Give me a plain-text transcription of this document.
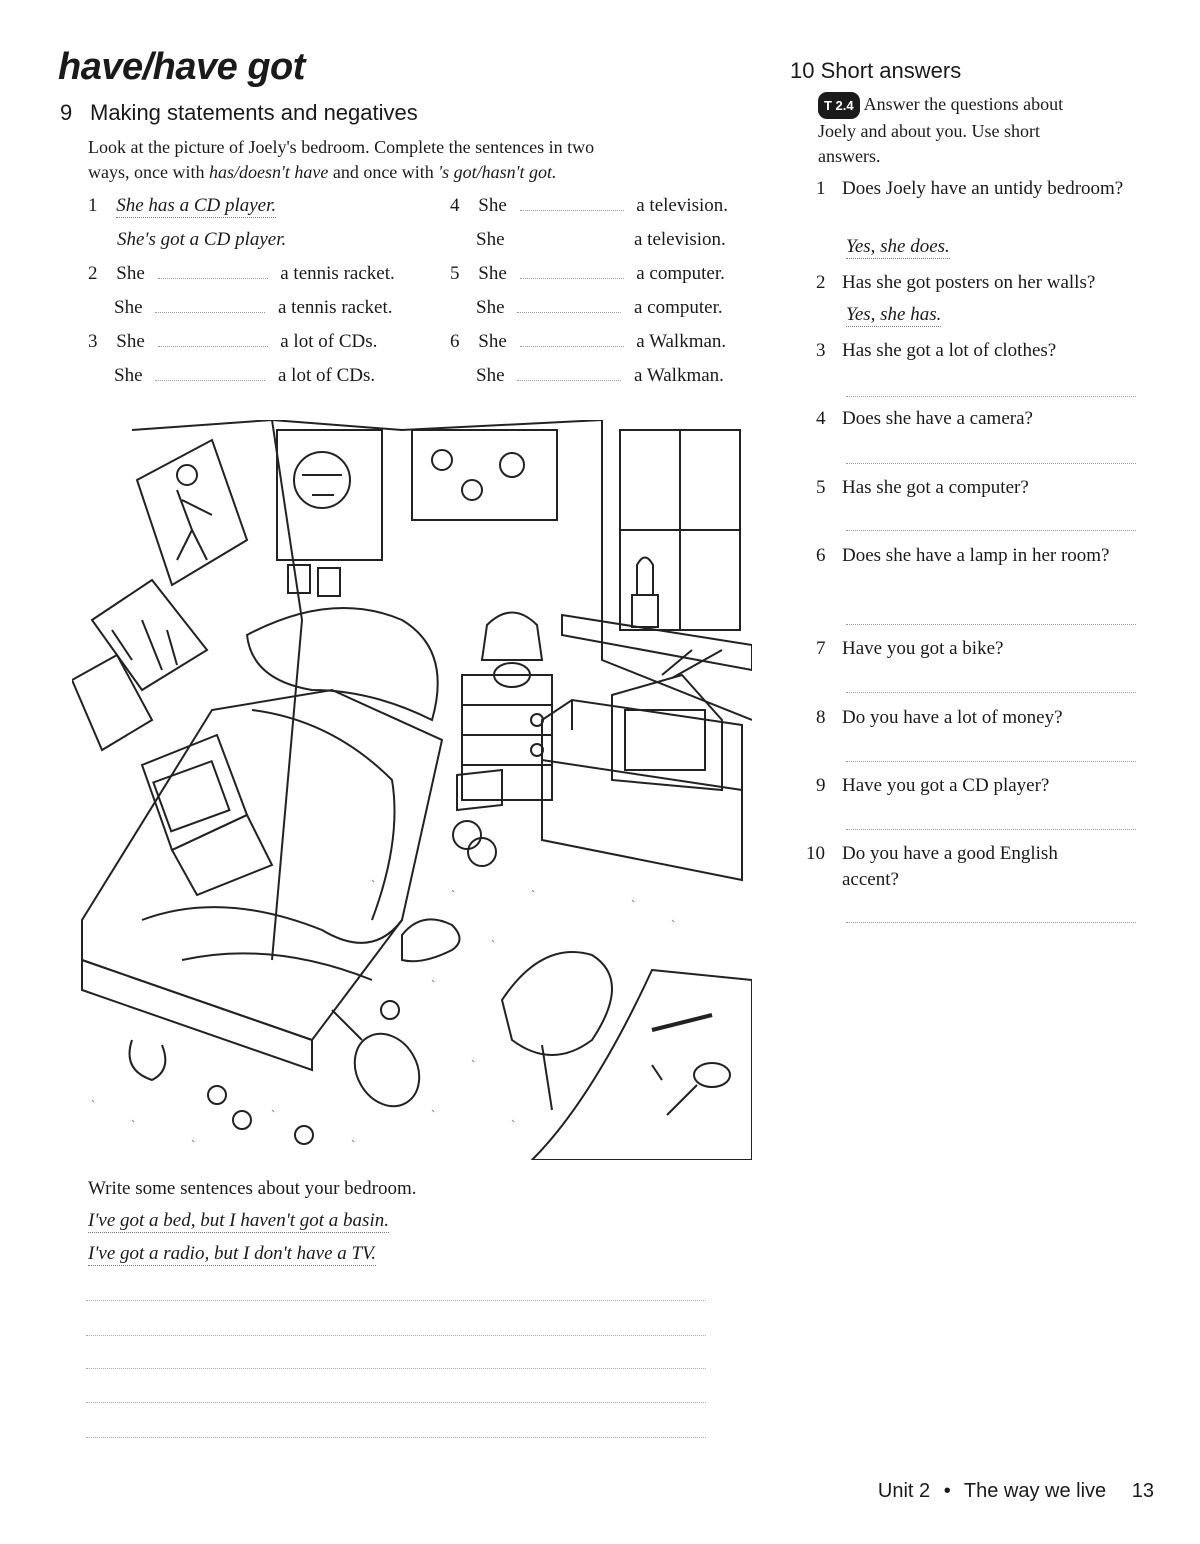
have/have got
9 Making statements and negatives
Look at the picture of Joely's bedroom. Complete the sentences in two
ways, once with has/doesn't have and once with 's got/hasn't got.
1 She has a CD player.
She's got a CD player.
2 She	a tennis racket.
She	a tennis racket.
3 She	a lot of CDs.
She	a lot of CDs.
4 She	a television.
She	a television.
5 She	a computer.
She	a computer.
6 She	a Walkman.
She	a Walkman.
Write some sentences about your bedroom.
I've got a bed, but I haven't got a basin.
I've got a radio, but I don't have a TV.
10 Short answers
T 2.4 Answer the questions about
Joely and about you. Use short
answers.
1 Does Joely have an untidy bedroom?
Yes, she does.
2 Has she got posters on her walls?
Yes, she has.
3 Has she got a lot of clothes?
4 Does she have a camera?
5 Has she got a computer?
6 Does she have a lamp in her room?
7 Have you got a bike?
8 Do you have a lot of money?
9 Have you got a CD player?
10 Do you have a good English accent?
Unit 2 • The way we live 13
